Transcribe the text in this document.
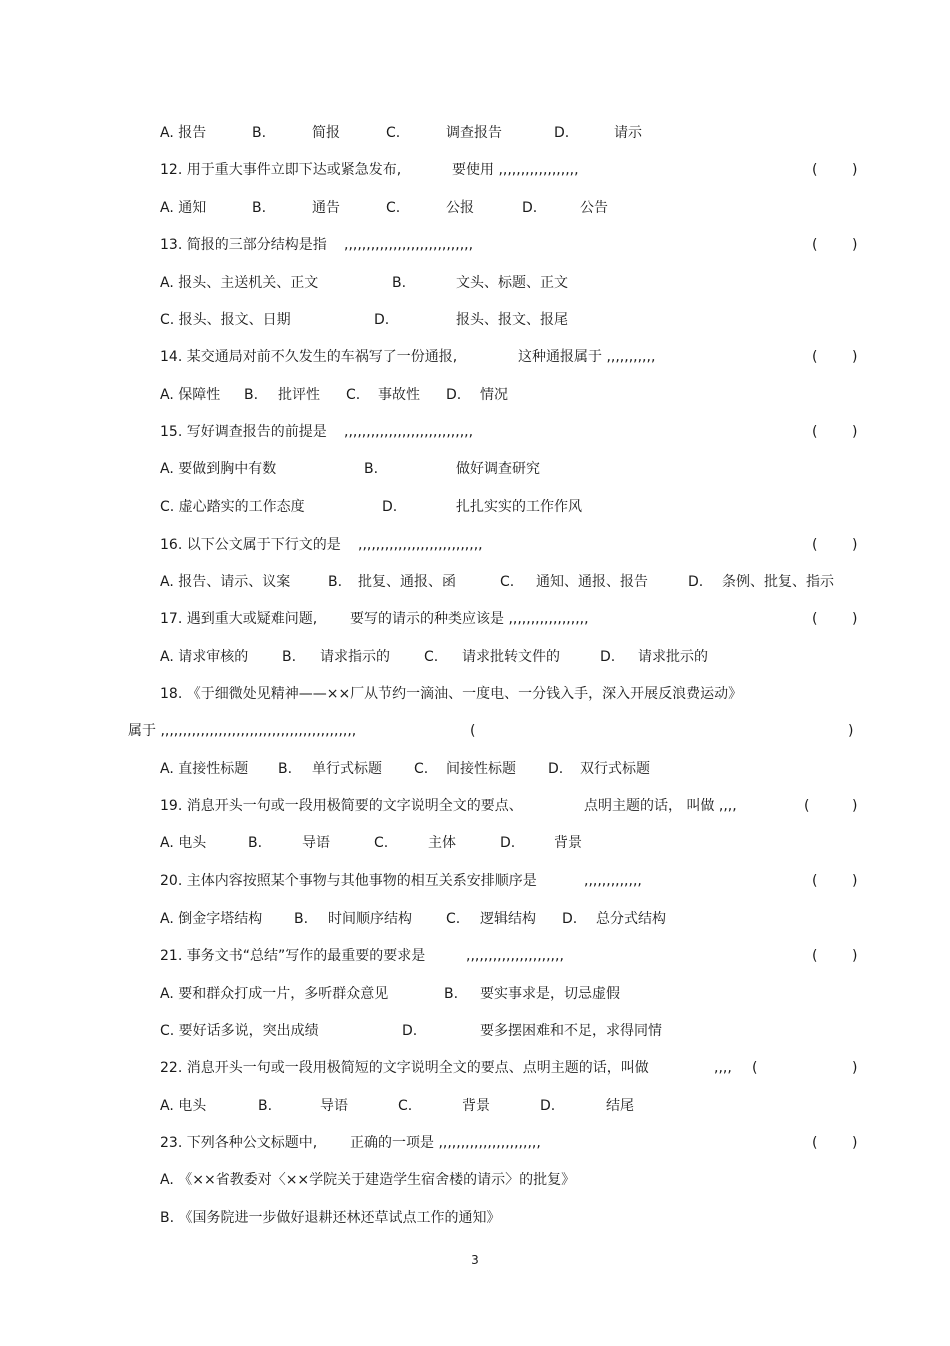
A. 报告	B.	简报	C.	调查报告	D.	请示
12. 用于重大事件立即下达或紧急发布,	要使用 ,,,,,,,,,,,,,,,,,,	( )
A. 通知	B.	通告	C.	公报	D.	公告
13. 简报的三部分结构是指 ,,,,,,,,,,,,,,,,,,,,,,,,,,,,,	( )
A. 报头、主送机关、正文	B.	文头、标题、正文
C. 报头、报文、日期	D.	报头、报文、报尾
14. 某交通局对前不久发生的车祸写了一份通报,	这种通报属于 ,,,,,,,,,,,	( )
A. 保障性 B. 批评性 C. 事故性 D. 情况
15. 写好调查报告的前提是 ,,,,,,,,,,,,,,,,,,,,,,,,,,,,,	( )
A. 要做到胸中有数	B.	做好调查研究
C. 虚心踏实的工作态度	D.	扎扎实实的工作作风
16. 以下公文属于下行文的是 ,,,,,,,,,,,,,,,,,,,,,,,,,,,,	( )
A. 报告、请示、议案	B. 批复、通报、函	C. 通知、通报、报告	D. 条例、批复、指示
17. 遇到重大或疑难问题, 要写的请示的种类应该是 ,,,,,,,,,,,,,,,,,,	( )
A. 请求审核的 B. 请求指示的 C. 请求批转文件的	D. 请求批示的
18. 《于细微处见精神——××厂从节约一滴油、一度电、一分钱入手，深入开展反浪费运动》
属于 ,,,,,,,,,,,,,,,,,,,,,,,,,,,,,,,,,,,,,,,,,,,,	(	)
A. 直接性标题 B. 单行式标题 C. 间接性标题 D. 双行式标题
19. 消息开头一句或一段用极简要的文字说明全文的要点、	点明主题的话， 叫做 ,,,,	(	)
A. 电头	B.	导语	C.	主体	D.	背景
20. 主体内容按照某个事物与其他事物的相互关系安排顺序是	,,,,,,,,,,,,,	( )
A. 倒金字塔结构 B. 时间顺序结构 C. 逻辑结构 D. 总分式结构
21. 事务文书“总结”写作的最重要的要求是	,,,,,,,,,,,,,,,,,,,,,,	( )
A. 要和群众打成一片，多听群众意见	B. 要实事求是，切忌虚假
C. 要好话多说，突出成绩	D.	要多摆困难和不足，求得同情
22. 消息开头一句或一段用极简短的文字说明全文的要点、点明主题的话，叫做	,,,, (	)
A. 电头	B.	导语	C.	背景	D.	结尾
23. 下列各种公文标题中, 正确的一项是 ,,,,,,,,,,,,,,,,,,,,,,,	( )
A. 《××省教委对〈××学院关于建造学生宿舍楼的请示〉的批复》
B. 《国务院进一步做好退耕还林还草试点工作的通知》
3
